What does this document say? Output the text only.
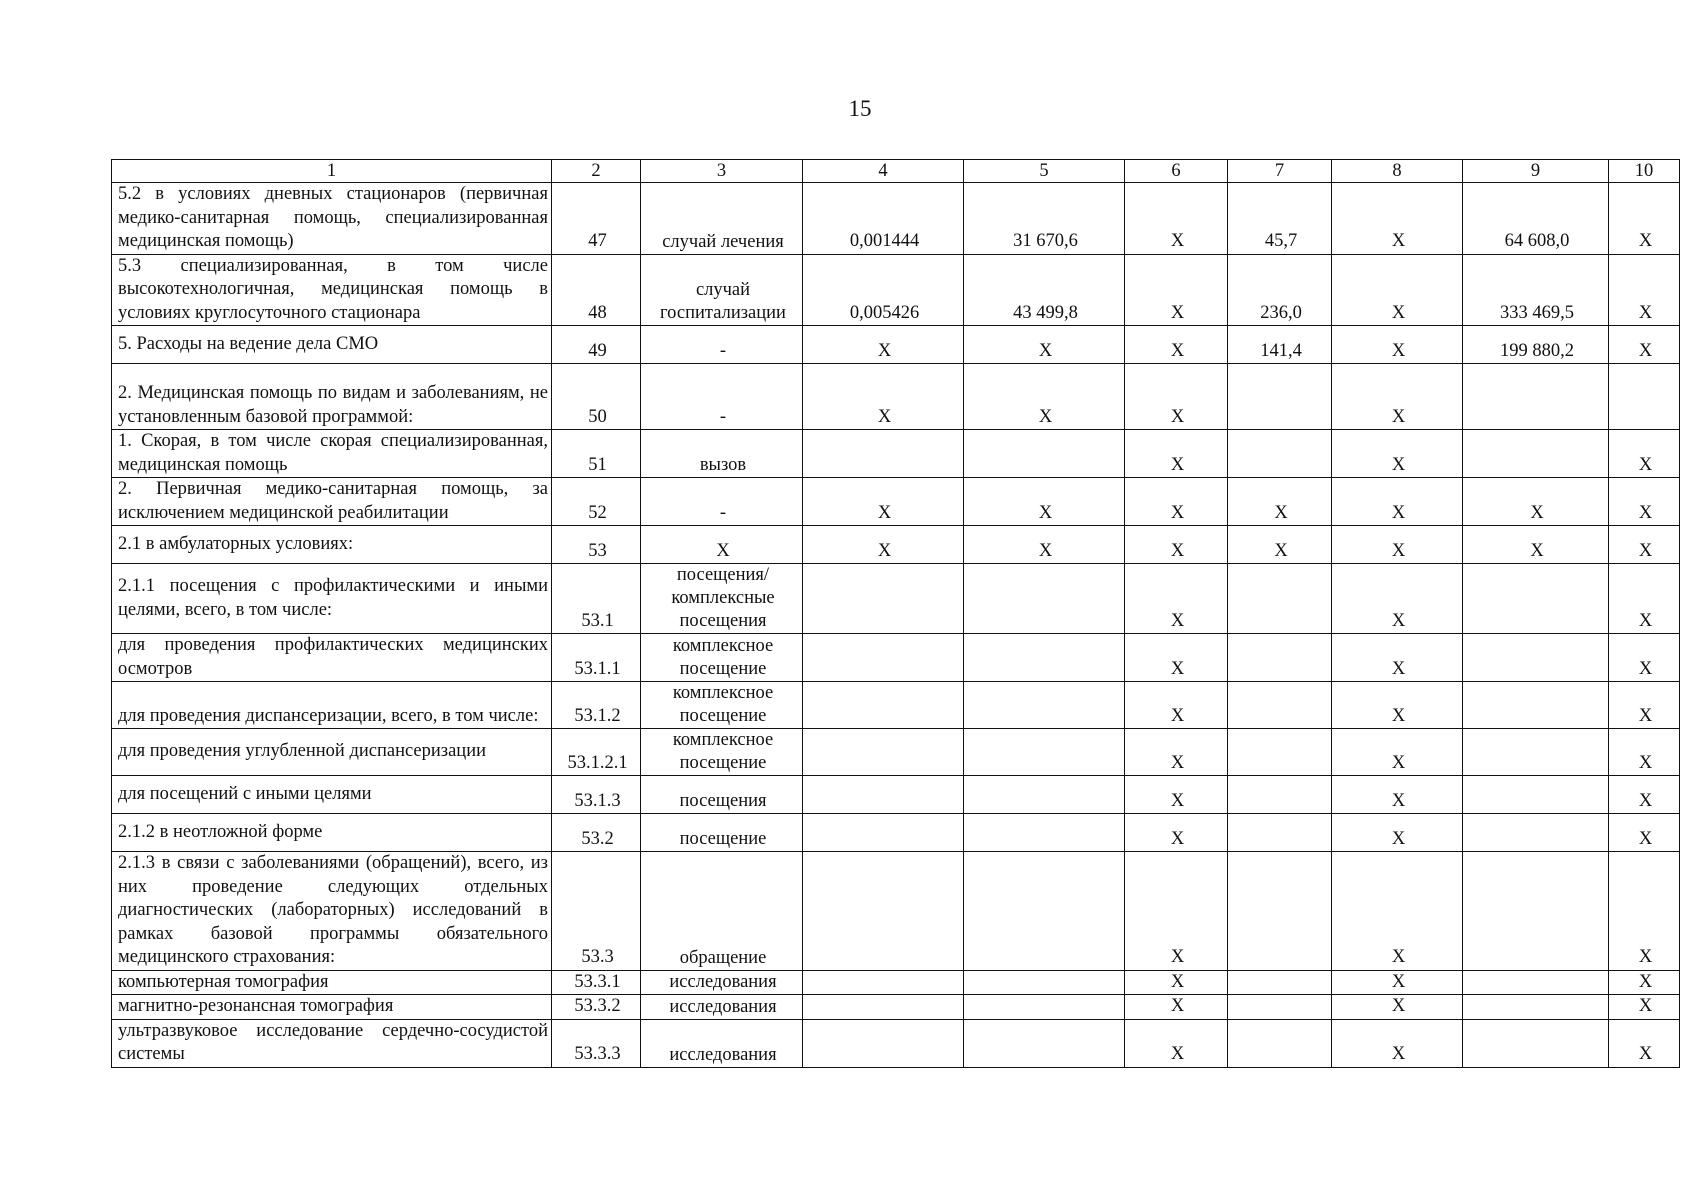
15
1	2	3	4	5	6	7	8	9	10
5.2 в условиях дневных стационаров (первичная медико-санитарная помощь, специализированная медицинская помощь)	47	случай лечения	0,001444	31 670,6	Х	45,7	Х	64 608,0	Х
5.3 специализированная, в том числе высокотехнологичная, медицинская помощь в условиях круглосуточного стационара	48	случай госпитализации	0,005426	43 499,8	Х	236,0	Х	333 469,5	Х
5. Расходы на ведение дела СМО	49	-	Х	Х	Х	141,4	Х	199 880,2	Х
2. Медицинская помощь по видам и заболеваниям, не установленным базовой программой:	50	-	Х	Х	Х		Х		
1. Скорая, в том числе скорая специализированная, медицинская помощь	51	вызов			Х		Х		Х
2. Первичная медико-санитарная помощь, за исключением медицинской реабилитации	52	-	Х	Х	Х	Х	Х	Х	Х
2.1 в амбулаторных условиях:	53	Х	Х	Х	Х	Х	Х	Х	Х
2.1.1 посещения с профилактическими и иными целями, всего, в том числе:	53.1	посещения/ комплексные посещения			Х		Х		Х
для проведения профилактических медицинских осмотров	53.1.1	комплексное посещение			Х		Х		Х
для проведения диспансеризации, всего, в том числе:	53.1.2	комплексное посещение			Х		Х		Х
для проведения углубленной диспансеризации	53.1.2.1	комплексное посещение			Х		Х		Х
для посещений с иными целями	53.1.3	посещения			Х		Х		Х
2.1.2 в неотложной форме	53.2	посещение			Х		Х		Х
2.1.3 в связи с заболеваниями (обращений), всего, из них проведение следующих отдельных диагностических (лабораторных) исследований в рамках базовой программы обязательного медицинского страхования:	53.3	обращение			Х		Х		Х
компьютерная томография	53.3.1	исследования			Х		Х		Х
магнитно-резонансная томография	53.3.2	исследования			Х		Х		Х
ультразвуковое исследование сердечно-сосудистой системы	53.3.3	исследования			Х		Х		Х
